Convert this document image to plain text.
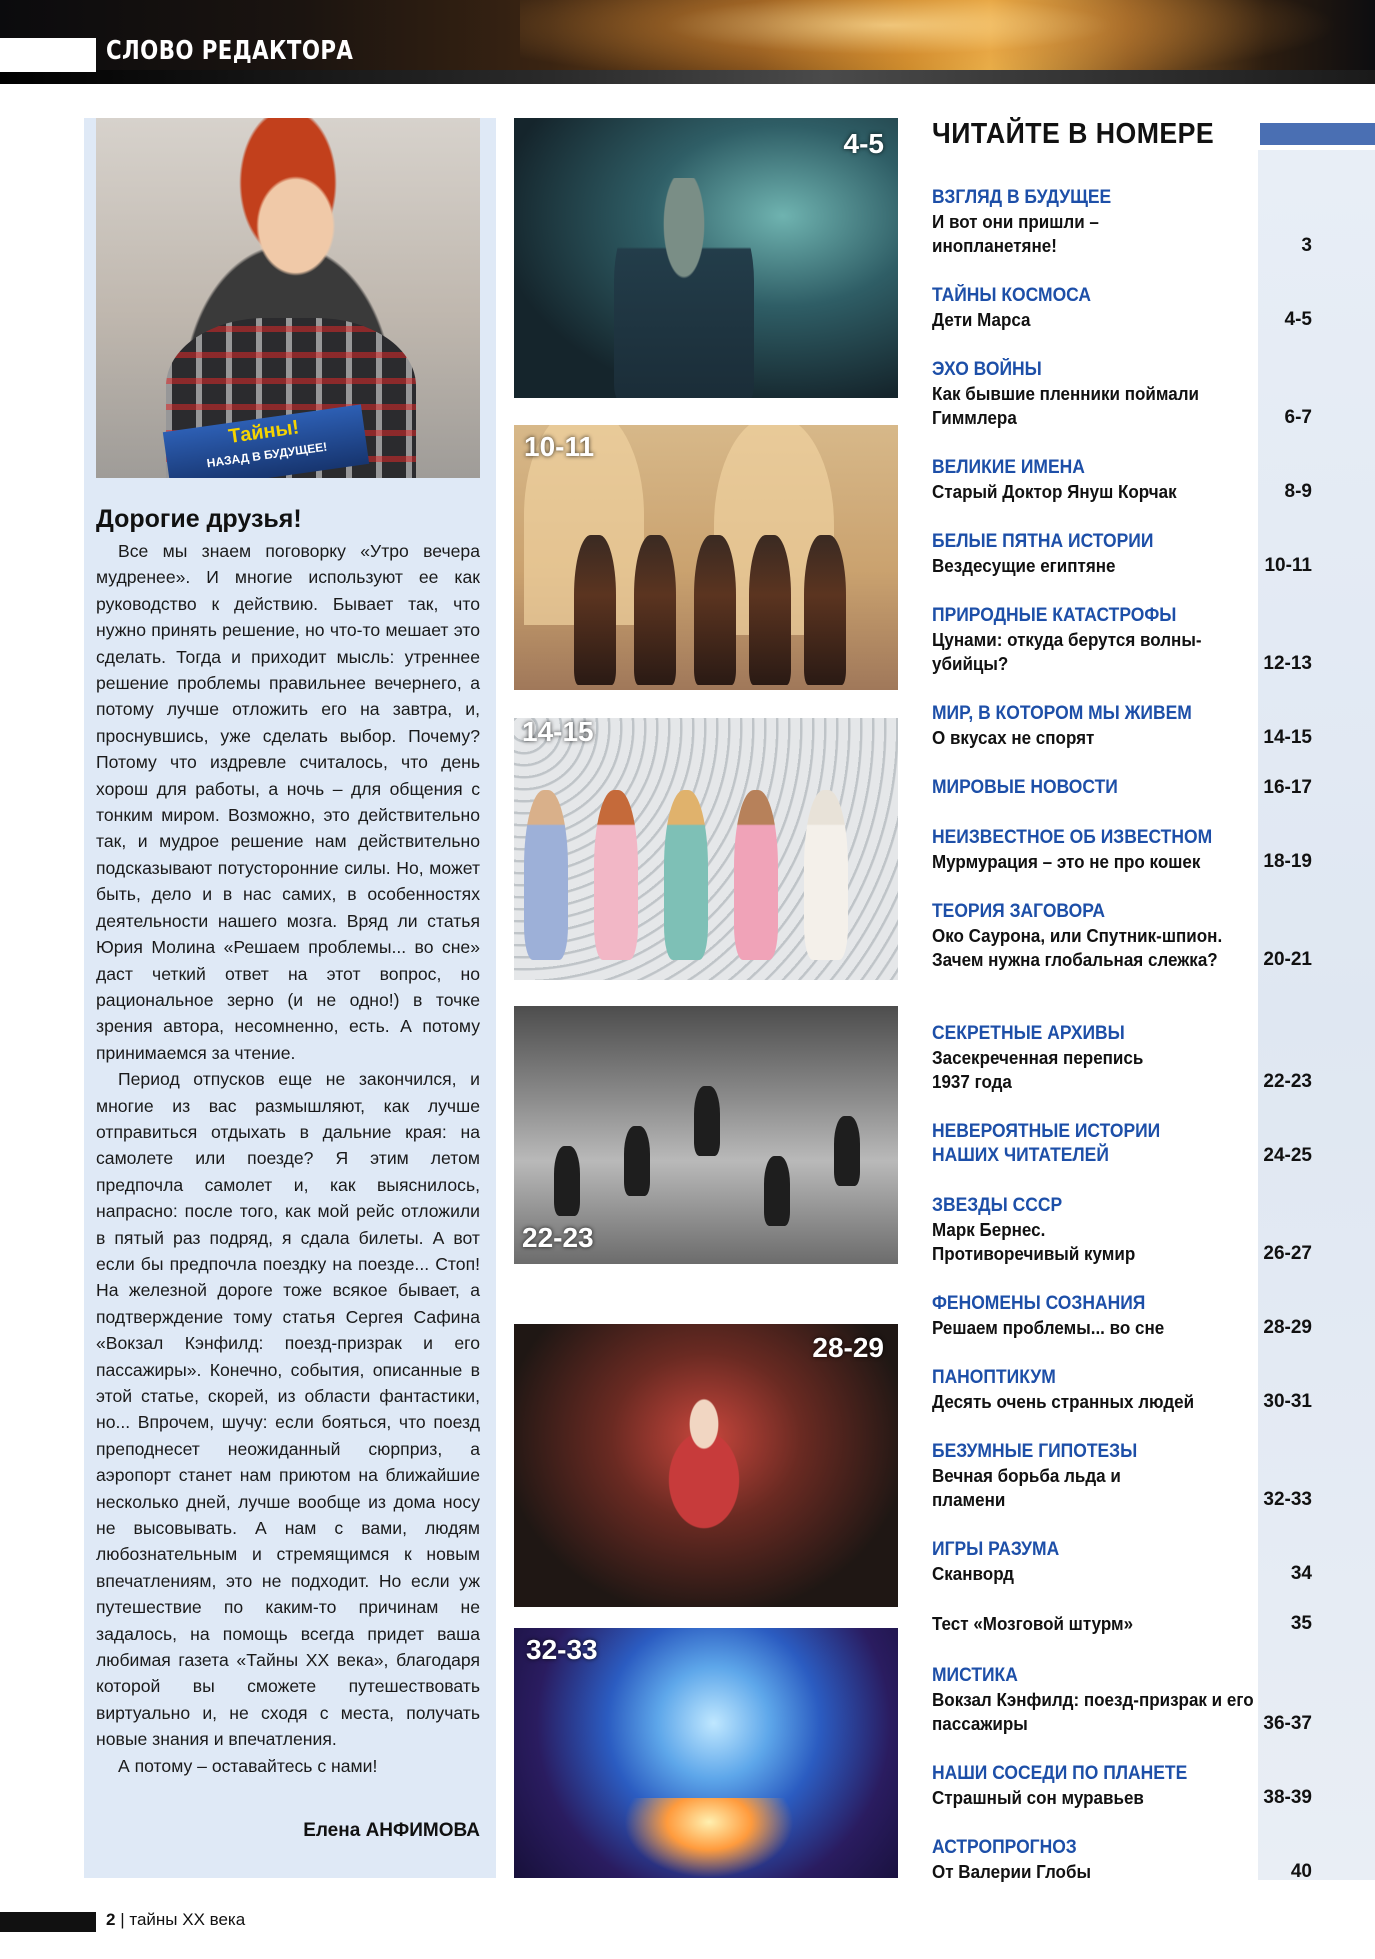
СЛОВО РЕДАКТОРА
Тайны!
НАЗАД В БУДУЩЕЕ!
Дорогие друзья!

Все мы знаем поговорку «Утро вечера мудренее». И многие используют ее как руководство к действию. Бывает так, что нужно принять решение, но что-то мешает это сделать. Тогда и приходит мысль: утреннее решение проблемы правильнее вечернего, а потому лучше отложить его на завтра, и, проснувшись, уже сделать выбор. Почему? Потому что издревле считалось, что день хорош для работы, а ночь – для общения с тонким миром. Возможно, это действительно так, и мудрое решение нам действительно подсказывают потусторонние силы. Но, может быть, дело и в нас самих, в особенностях деятельности нашего мозга. Вряд ли статья Юрия Молина «Решаем проблемы... во сне» даст четкий ответ на этот вопрос, но рациональное зерно (и не одно!) в точке зрения автора, несомненно, есть. А потому принимаемся за чтение.

Период отпусков еще не закончился, и многие из вас размышляют, как лучше отправиться отдыхать в дальние края: на самолете или поезде? Я этим летом предпочла самолет и, как выяснилось, напрасно: после того, как мой рейс отложили в пятый раз подряд, я сдала билеты. А вот если бы предпочла поездку на поезде... Стоп! На железной дороге тоже всякое бывает, а подтверждение тому статья Сергея Сафина «Вокзал Кэнфилд: поезд-призрак и его пассажиры». Конечно, события, описанные в этой статье, скорей, из области фантастики, но... Впрочем, шучу: если бояться, что поезд преподнесет неожиданный сюрприз, а аэропорт станет нам приютом на ближайшие несколько дней, лучше вообще из дома носу не высовывать. А нам с вами, людям любознательным и стремящимся к новым впечатлениям, это не подходит. Но если уж путешествие по каким-то причинам не задалось, на помощь всегда придет ваша любимая газета «Тайны XX века», благодаря которой вы сможете путешествовать виртуально и, не сходя с места, получать новые знания и впечатления.

А потому – оставайтесь с нами!

Елена АНФИМОВА
4-5
10-11
14-15
22-23
28-29
32-33
ЧИТАЙТЕ В НОМЕРЕ
ВЗГЛЯД В БУДУЩЕЕ
И вот они пришли – инопланетяне!	3
ТАЙНЫ КОСМОСА
Дети Марса	4-5
ЭХО ВОЙНЫ
Как бывшие пленники поймали Гиммлера	6-7
ВЕЛИКИЕ ИМЕНА
Старый Доктор Януш Корчак	8-9
БЕЛЫЕ ПЯТНА ИСТОРИИ
Вездесущие египтяне	10-11
ПРИРОДНЫЕ КАТАСТРОФЫ
Цунами: откуда берутся волны-убийцы?	12-13
МИР, В КОТОРОМ МЫ ЖИВЕМ
О вкусах не спорят	14-15
МИРОВЫЕ НОВОСТИ	16-17
НЕИЗВЕСТНОЕ ОБ ИЗВЕСТНОМ
Мурмурация – это не про кошек	18-19
ТЕОРИЯ ЗАГОВОРА
Око Саурона, или Спутник-шпион. Зачем нужна глобальная слежка?	20-21
СЕКРЕТНЫЕ АРХИВЫ
Засекреченная перепись 1937 года	22-23
НЕВЕРОЯТНЫЕ ИСТОРИИ НАШИХ ЧИТАТЕЛЕЙ	24-25
ЗВЕЗДЫ СССР
Марк Бернес. Противоречивый кумир	26-27
ФЕНОМЕНЫ СОЗНАНИЯ
Решаем проблемы... во сне	28-29
ПАНОПТИКУМ
Десять очень странных людей	30-31
БЕЗУМНЫЕ ГИПОТЕЗЫ
Вечная борьба льда и пламени	32-33
ИГРЫ РАЗУМА
Сканворд	34
Тест «Мозговой штурм»	35
МИСТИКА
Вокзал Кэнфилд: поезд-призрак и его пассажиры	36-37
НАШИ СОСЕДИ ПО ПЛАНЕТЕ
Страшный сон муравьев	38-39
АСТРОПРОГНОЗ
От Валерии Глобы	40
2 | тайны XX века
